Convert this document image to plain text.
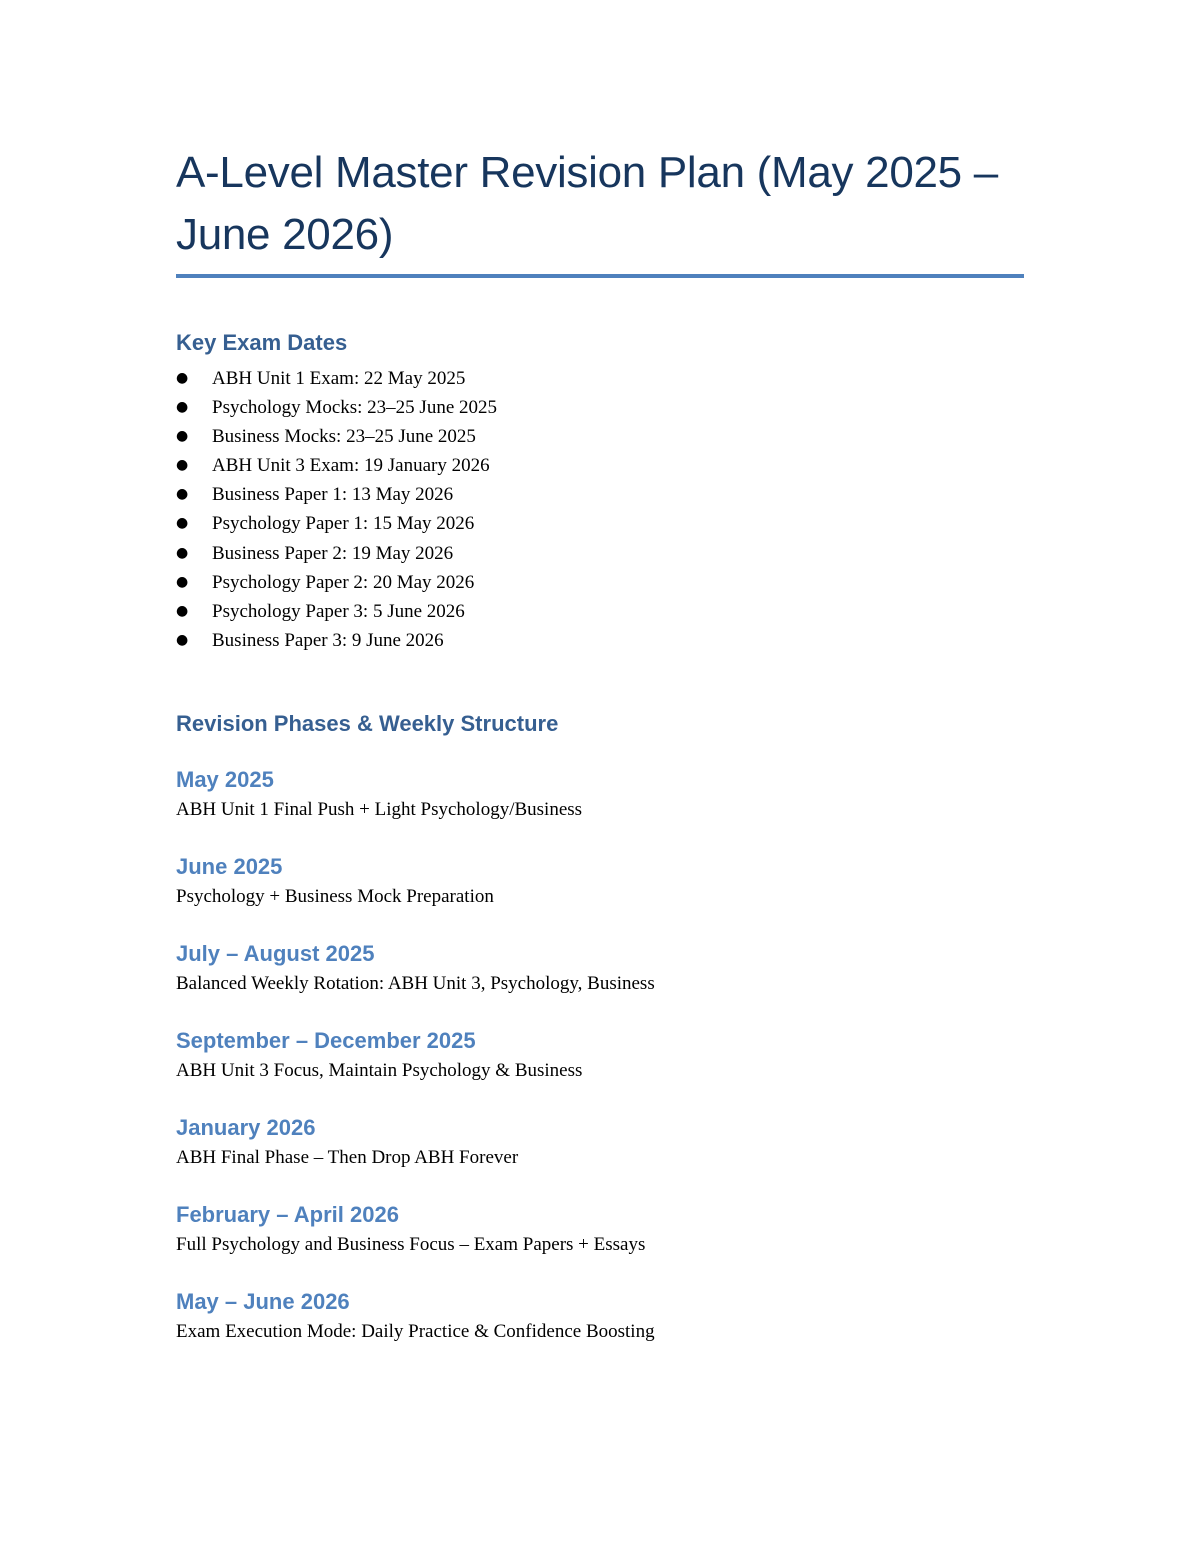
A-Level Master Revision Plan (May 2025 – June 2026)
Key Exam Dates
● ABH Unit 1 Exam: 22 May 2025
● Psychology Mocks: 23–25 June 2025
● Business Mocks: 23–25 June 2025
● ABH Unit 3 Exam: 19 January 2026
● Business Paper 1: 13 May 2026
● Psychology Paper 1: 15 May 2026
● Business Paper 2: 19 May 2026
● Psychology Paper 2: 20 May 2026
● Psychology Paper 3: 5 June 2026
● Business Paper 3: 9 June 2026
Revision Phases & Weekly Structure
May 2025

ABH Unit 1 Final Push + Light Psychology/Business

June 2025

Psychology + Business Mock Preparation

July – August 2025

Balanced Weekly Rotation: ABH Unit 3, Psychology, Business

September – December 2025

ABH Unit 3 Focus, Maintain Psychology & Business

January 2026

ABH Final Phase – Then Drop ABH Forever

February – April 2026

Full Psychology and Business Focus – Exam Papers + Essays

May – June 2026

Exam Execution Mode: Daily Practice & Confidence Boosting
